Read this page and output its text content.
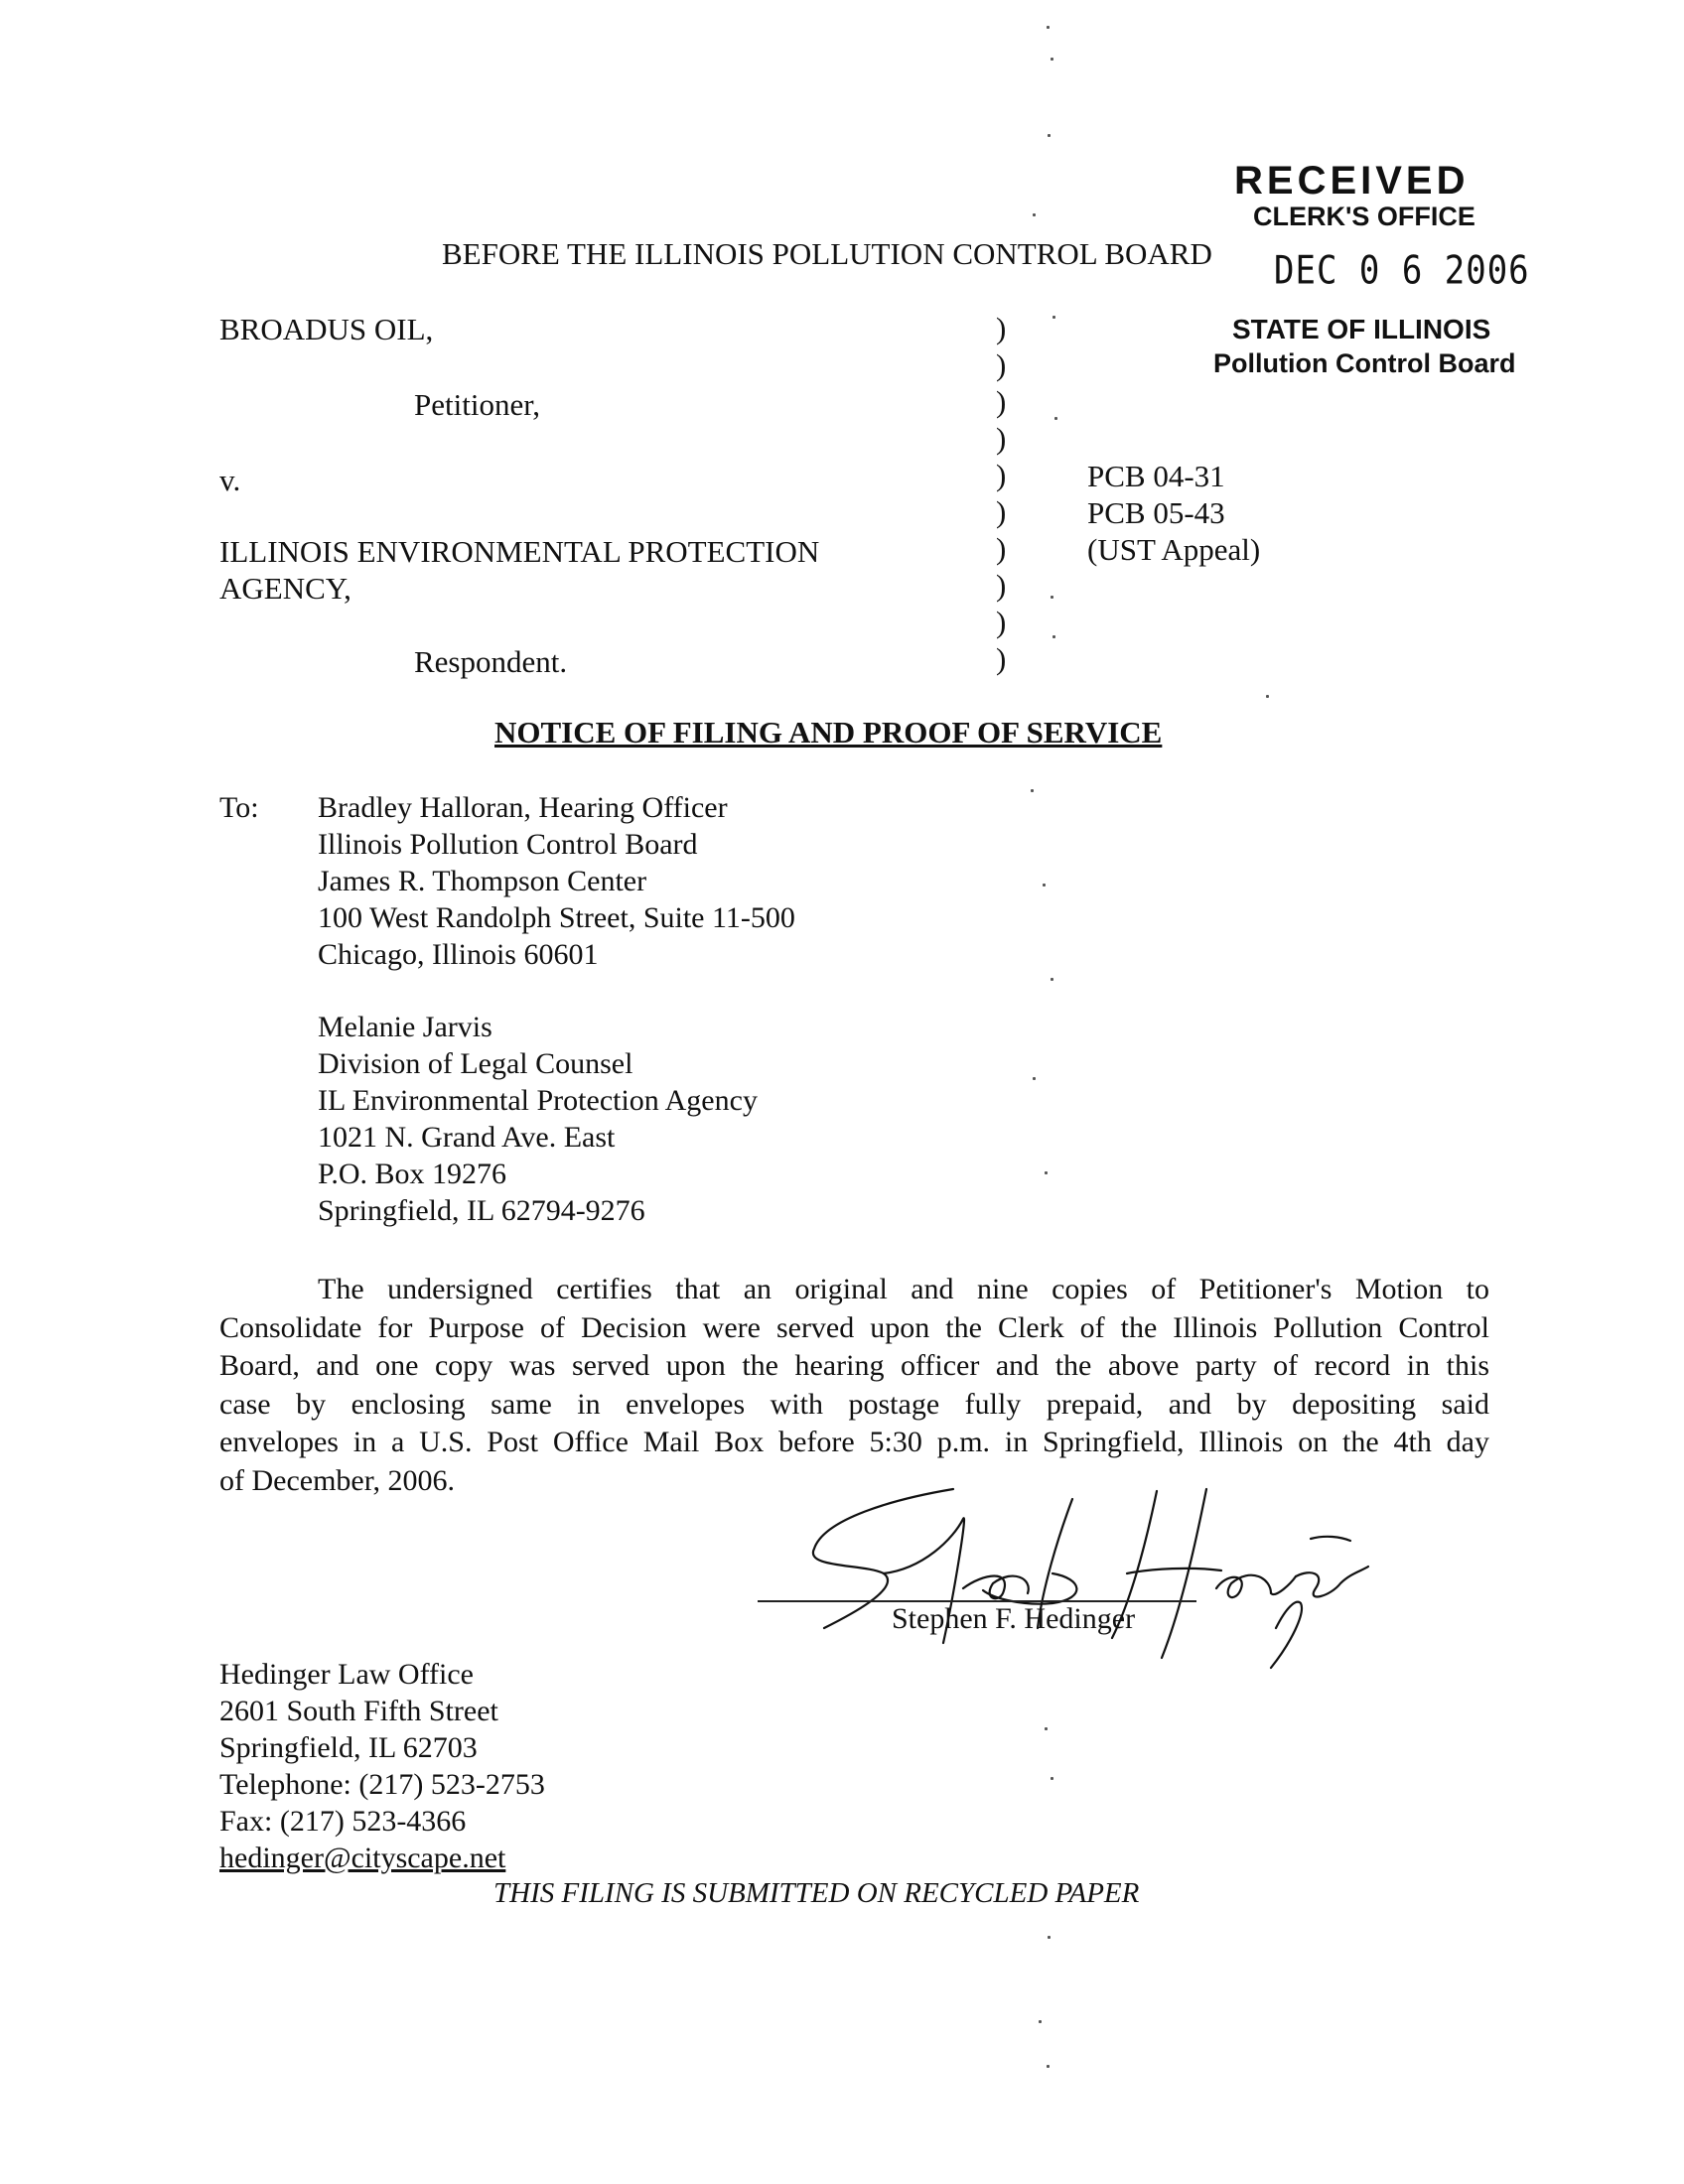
RECEIVED
CLERK'S OFFICE
DEC 0 6 2006
STATE OF ILLINOIS
Pollution Control Board
BEFORE THE ILLINOIS POLLUTION CONTROL BOARD
BROADUS OIL,
Petitioner,
v.
ILLINOIS ENVIRONMENTAL PROTECTION
AGENCY,
Respondent.
)
)
)
)
)
)
)
)
)
)
PCB 04-31
PCB 05-43
(UST Appeal)
NOTICE OF FILING AND PROOF OF SERVICE
To: Bradley Halloran, Hearing Officer
Illinois Pollution Control Board
James R. Thompson Center
100 West Randolph Street, Suite 11-500
Chicago, Illinois 60601
Melanie Jarvis
Division of Legal Counsel
IL Environmental Protection Agency
1021 N. Grand Ave. East
P.O. Box 19276
Springfield, IL 62794-9276
The undersigned certifies that an original and nine copies of Petitioner's Motion to
Consolidate for Purpose of Decision were served upon the Clerk of the Illinois Pollution Control
Board, and one copy was served upon the hearing officer and the above party of record in this
case by enclosing same in envelopes with postage fully prepaid, and by depositing said
envelopes in a U.S. Post Office Mail Box before 5:30 p.m. in Springfield, Illinois on the 4th day
of December, 2006.
Stephen F. Hedinger
Hedinger Law Office
2601 South Fifth Street
Springfield, IL 62703
Telephone: (217) 523-2753
Fax: (217) 523-4366
hedinger@cityscape.net
THIS FILING IS SUBMITTED ON RECYCLED PAPER
